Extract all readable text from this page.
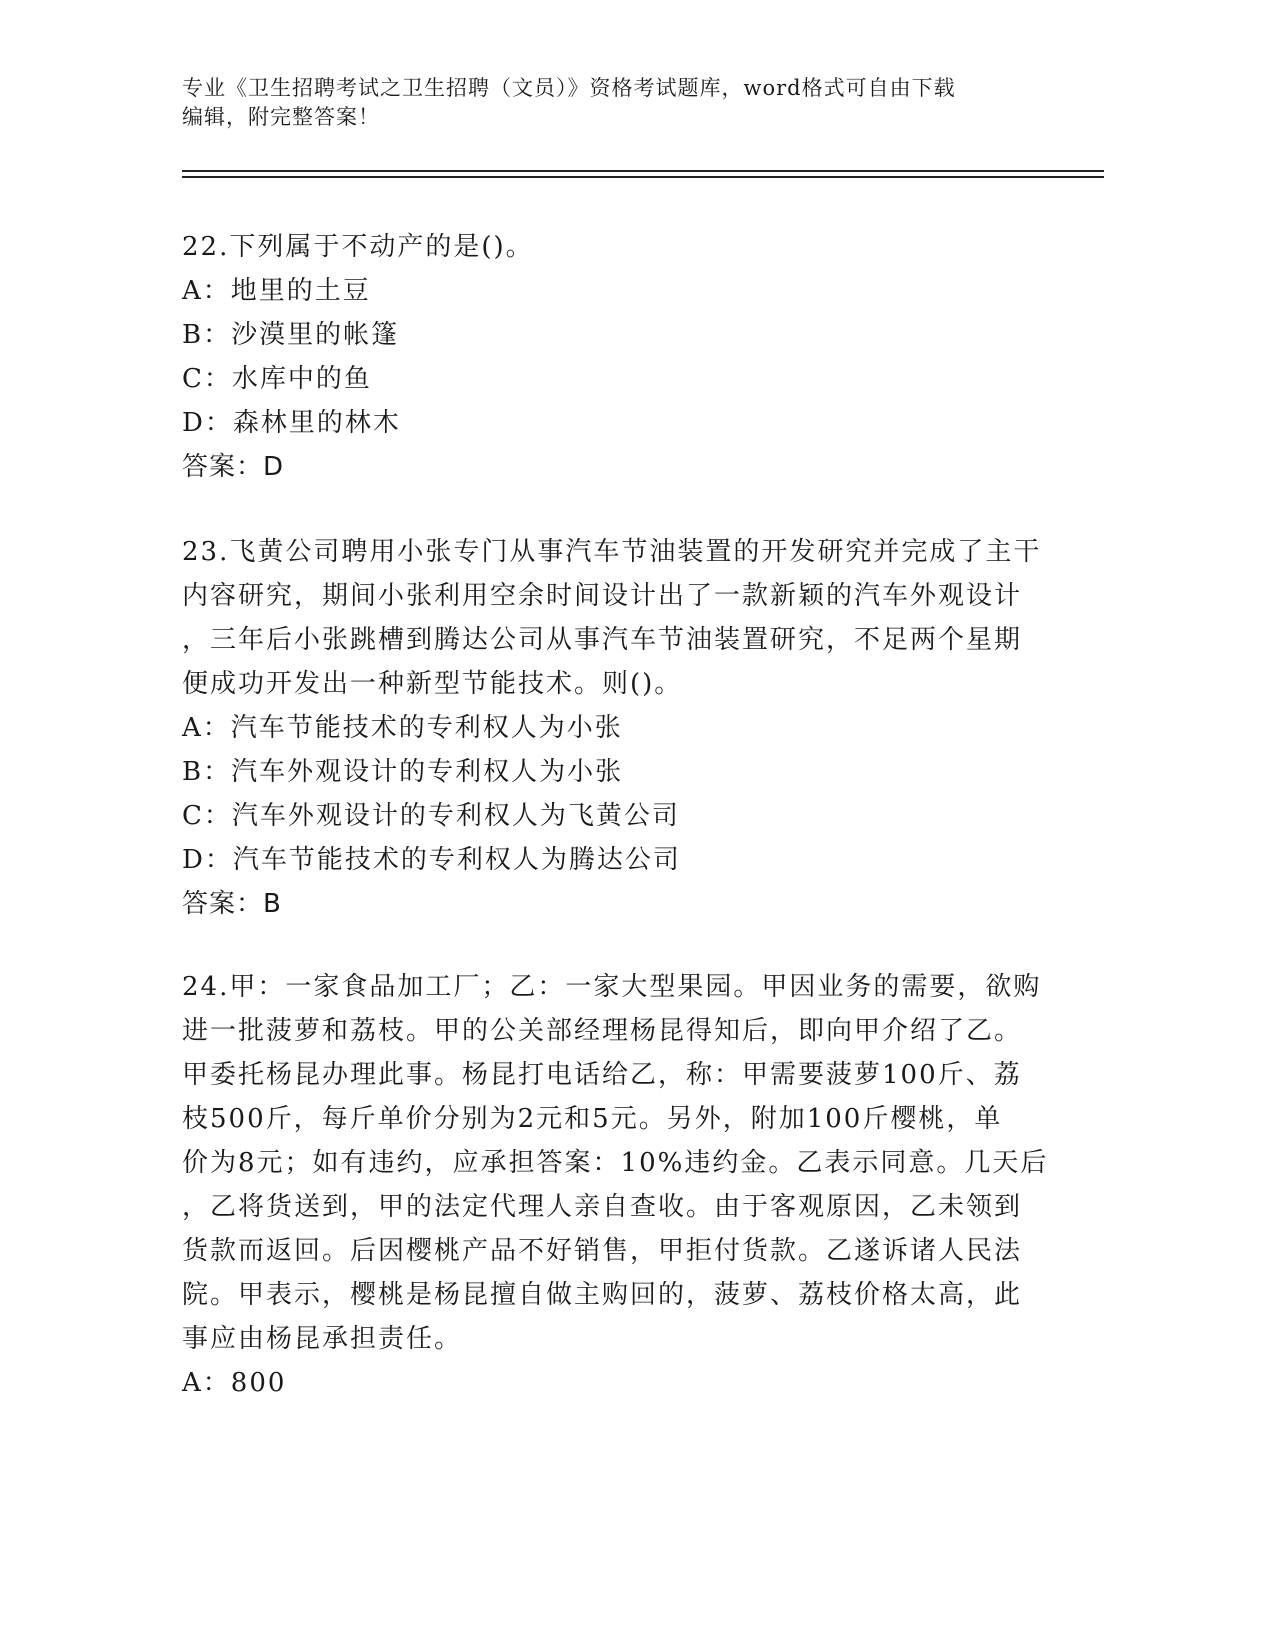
专业《卫生招聘考试之卫生招聘（文员）》资格考试题库，word格式可自由下载
编辑，附完整答案！

22.下列属于不动产的是()。

A：地里的土豆

B：沙漠里的帐篷

C：水库中的鱼

D：森林里的林木

答案：D

23.飞黄公司聘用小张专门从事汽车节油装置的开发研究并完成了主干

内容研究，期间小张利用空余时间设计出了一款新颖的汽车外观设计

，三年后小张跳槽到腾达公司从事汽车节油装置研究，不足两个星期

便成功开发出一种新型节能技术。则()。

A：汽车节能技术的专利权人为小张

B：汽车外观设计的专利权人为小张

C：汽车外观设计的专利权人为飞黄公司

D：汽车节能技术的专利权人为腾达公司

答案：B

24.甲：一家食品加工厂；乙：一家大型果园。甲因业务的需要，欲购

进一批菠萝和荔枝。甲的公关部经理杨昆得知后，即向甲介绍了乙。

甲委托杨昆办理此事。杨昆打电话给乙，称：甲需要菠萝100斤、荔

枝500斤，每斤单价分别为2元和5元。另外，附加100斤樱桃，单

价为8元；如有违约，应承担答案：10%违约金。乙表示同意。几天后

，乙将货送到，甲的法定代理人亲自查收。由于客观原因，乙未领到

货款而返回。后因樱桃产品不好销售，甲拒付货款。乙遂诉诸人民法

院。甲表示，樱桃是杨昆擅自做主购回的，菠萝、荔枝价格太高，此

事应由杨昆承担责任。

A：800
